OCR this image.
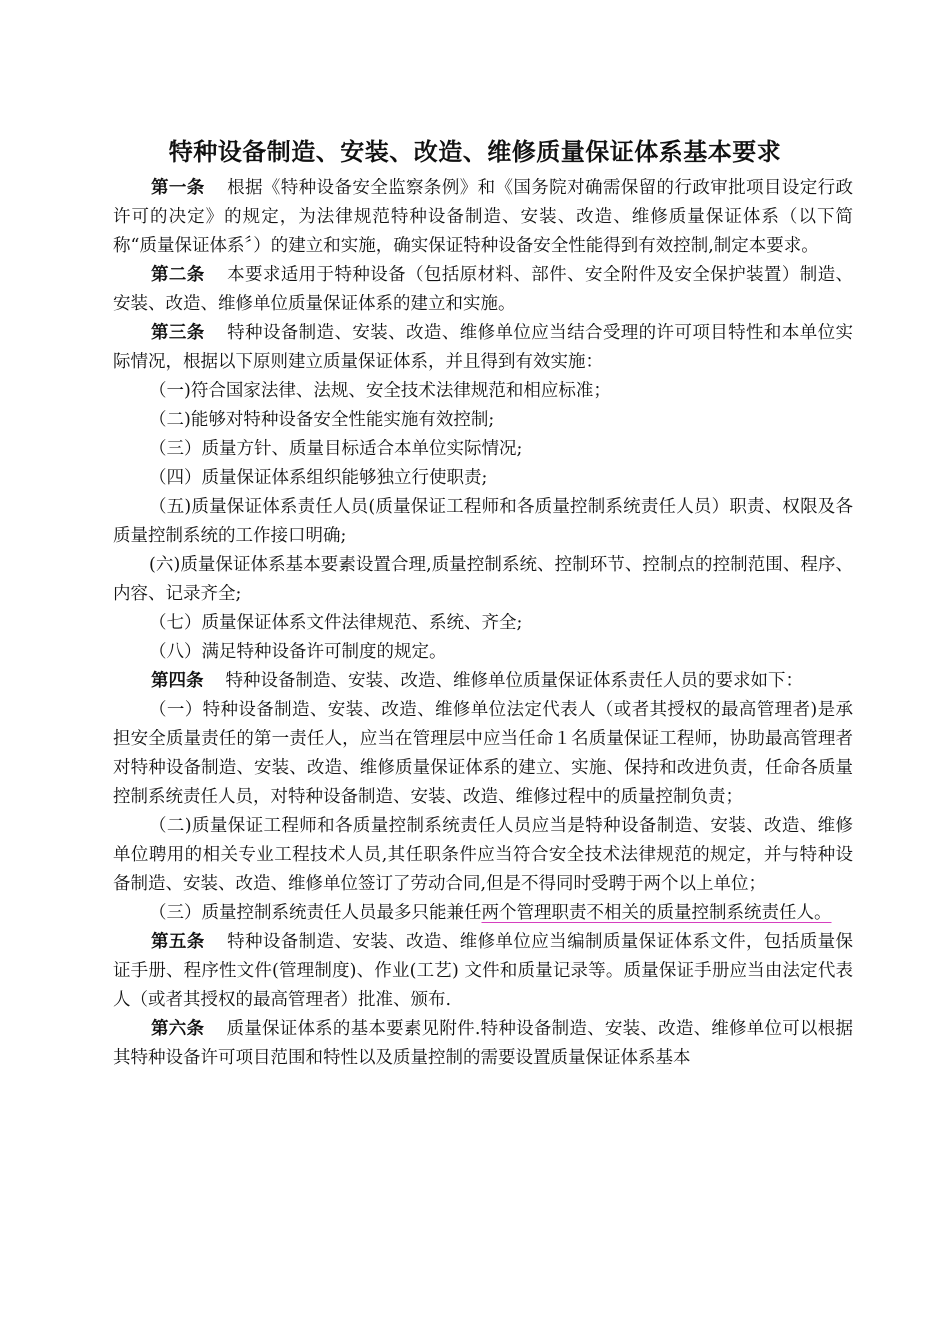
特种设备制造、安装、改造、维修质量保证体系基本要求

第一条 根据《特种设备安全监察条例》和《国务院对确需保留的行政审批项目设定行政许可的决定》的规定，为法律规范特种设备制造、安装、改造、维修质量保证体系（以下简称“质量保证体系〞）的建立和实施，确实保证特种设备安全性能得到有效控制,制定本要求。

第二条 本要求适用于特种设备（包括原材料、部件、安全附件及安全保护装置）制造、安装、改造、维修单位质量保证体系的建立和实施。

第三条 特种设备制造、安装、改造、维修单位应当结合受理的许可项目特性和本单位实际情况，根据以下原则建立质量保证体系，并且得到有效实施：

（一)符合国家法律、法规、安全技术法律规范和相应标准；

（二)能够对特种设备安全性能实施有效控制;

（三）质量方针、质量目标适合本单位实际情况;

（四）质量保证体系组织能够独立行使职责;

（五)质量保证体系责任人员(质量保证工程师和各质量控制系统责任人员）职责、权限及各质量控制系统的工作接口明确;

(六)质量保证体系基本要素设置合理,质量控制系统、控制环节、控制点的控制范围、程序、内容、记录齐全;

（七）质量保证体系文件法律规范、系统、齐全;

（八）满足特种设备许可制度的规定。

第四条 特种设备制造、安装、改造、维修单位质量保证体系责任人员的要求如下：

（一）特种设备制造、安装、改造、维修单位法定代表人（或者其授权的最高管理者)是承担安全质量责任的第一责任人，应当在管理层中应当任命１名质量保证工程师，协助最高管理者对特种设备制造、安装、改造、维修质量保证体系的建立、实施、保持和改进负责，任命各质量控制系统责任人员，对特种设备制造、安装、改造、维修过程中的质量控制负责；

（二)质量保证工程师和各质量控制系统责任人员应当是特种设备制造、安装、改造、维修单位聘用的相关专业工程技术人员,其任职条件应当符合安全技术法律规范的规定，并与特种设备制造、安装、改造、维修单位签订了劳动合同,但是不得同时受聘于两个以上单位；

（三）质量控制系统责任人员最多只能兼任两个管理职责不相关的质量控制系统责任人。

第五条 特种设备制造、安装、改造、维修单位应当编制质量保证体系文件，包括质量保证手册、程序性文件(管理制度)、作业(工艺) 文件和质量记录等。质量保证手册应当由法定代表人（或者其授权的最高管理者）批准、颁布.

第六条 质量保证体系的基本要素见附件.特种设备制造、安装、改造、维修单位可以根据其特种设备许可项目范围和特性以及质量控制的需要设置质量保证体系基本
